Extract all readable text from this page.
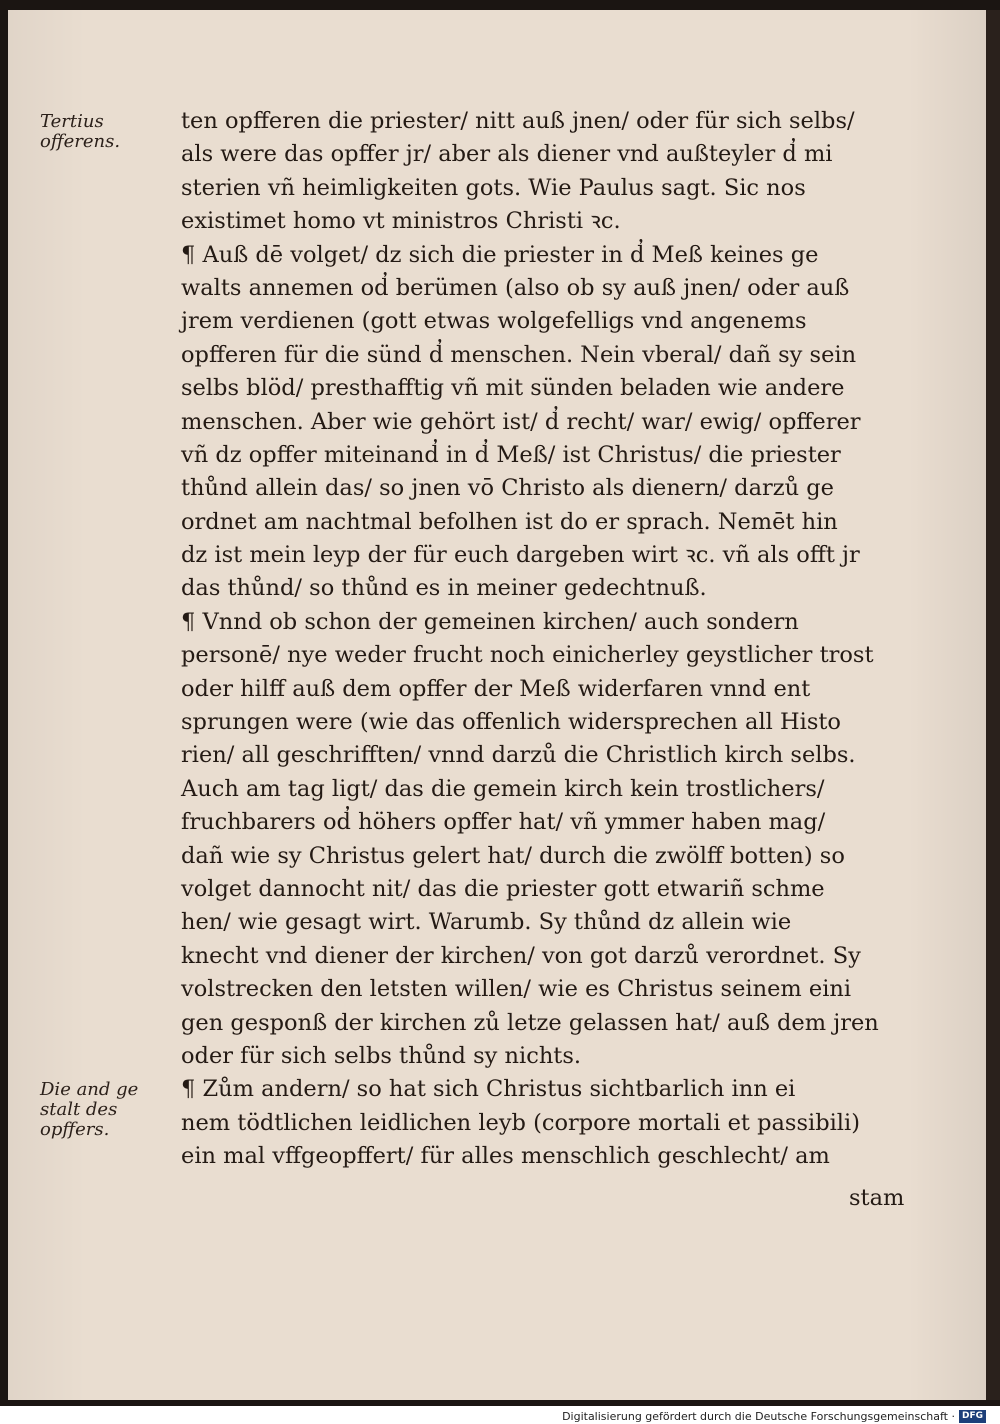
Tertius
offerens.
Die and ge
stalt des
opffers.
ten opfferen die priester/ nitt auß jnen/ oder für sich selbs/
als were das opffer jr/ aber als diener vnd außteyler d̓ mi
sterien vñ heimligkeiten gots. Wie Paulus sagt. Sic nos
existimet homo vt ministros Christi ꝛc.
¶ Auß dē volget/ dz sich die priester in d̓ Meß keines ge
walts annemen od̓ berümen (also ob sy auß jnen/ oder auß
jrem verdienen (gott etwas wolgefelligs vnd angenems
opfferen für die sünd d̓ menschen. Nein vberal/ dañ sy sein
selbs blöd/ presthafftig vñ mit sünden beladen wie andere
menschen. Aber wie gehört ist/ d̓ recht/ war/ ewig/ opfferer
vñ dz opffer miteinand̓ in d̓ Meß/ ist Christus/ die priester
thůnd allein das/ so jnen vō Christo als dienern/ darzů ge
ordnet am nachtmal befolhen ist do er sprach. Nemēt hin
dz ist mein leyp der für euch dargeben wirt ꝛc. vñ als offt jr
das thůnd/ so thůnd es in meiner gedechtnuß.
¶ Vnnd ob schon der gemeinen kirchen/ auch sondern
personē/ nye weder frucht noch einicherley geystlicher trost
oder hilff auß dem opffer der Meß widerfaren vnnd ent
sprungen were (wie das offenlich widersprechen all Histo
rien/ all geschrifften/ vnnd darzů die Christlich kirch selbs.
Auch am tag ligt/ das die gemein kirch kein trostlichers/
fruchbarers od̓ höhers opffer hat/ vñ ymmer haben mag/
dañ wie sy Christus gelert hat/ durch die zwölff botten) so
volget dannocht nit/ das die priester gott etwariñ schme
hen/ wie gesagt wirt. Warumb. Sy thůnd dz allein wie
knecht vnd diener der kirchen/ von got darzů verordnet. Sy
volstrecken den letsten willen/ wie es Christus seinem eini
gen gesponß der kirchen zů letze gelassen hat/ auß dem jren
oder für sich selbs thůnd sy nichts.
¶ Zům andern/ so hat sich Christus sichtbarlich inn ei
nem tödtlichen leidlichen leyb (corpore mortali et passibili)
ein mal vffgeopffert/ für alles menschlich geschlecht/ am
stam
Digitalisierung gefördert durch die Deutsche Forschungsgemeinschaft · DFG
